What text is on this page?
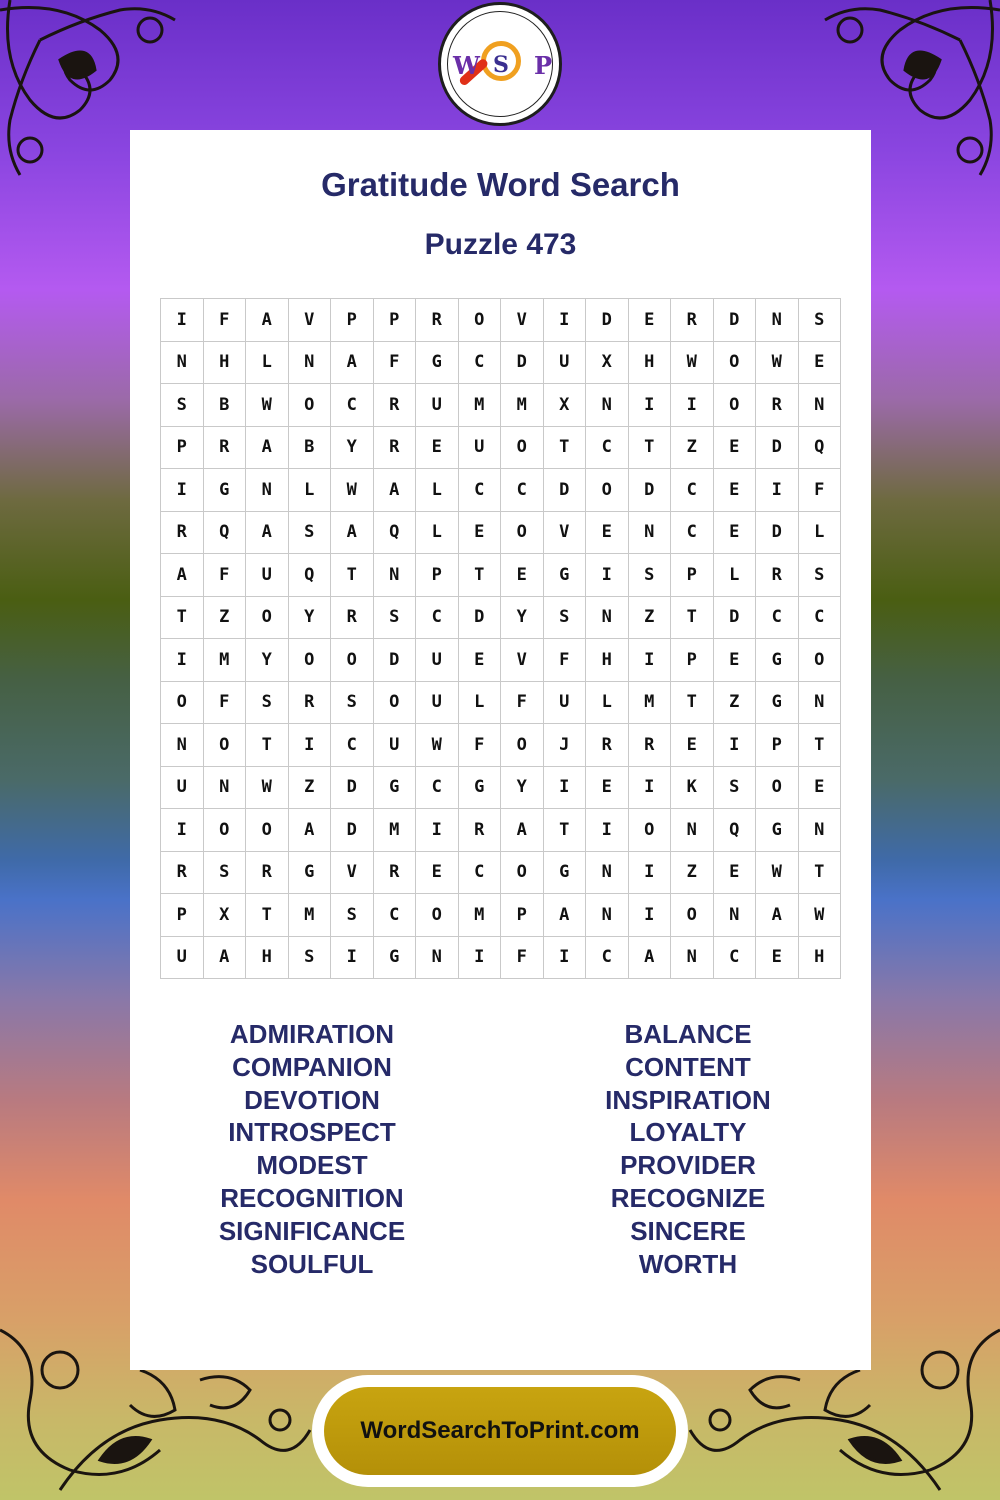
W S P
Gratitude Word Search
Puzzle 473
I	F	A	V	P	P	R	O	V	I	D	E	R	D	N	S
N	H	L	N	A	F	G	C	D	U	X	H	W	O	W	E
S	B	W	O	C	R	U	M	M	X	N	I	I	O	R	N
P	R	A	B	Y	R	E	U	O	T	C	T	Z	E	D	Q
I	G	N	L	W	A	L	C	C	D	O	D	C	E	I	F
R	Q	A	S	A	Q	L	E	O	V	E	N	C	E	D	L
A	F	U	Q	T	N	P	T	E	G	I	S	P	L	R	S
T	Z	O	Y	R	S	C	D	Y	S	N	Z	T	D	C	C
I	M	Y	O	O	D	U	E	V	F	H	I	P	E	G	O
O	F	S	R	S	O	U	L	F	U	L	M	T	Z	G	N
N	O	T	I	C	U	W	F	O	J	R	R	E	I	P	T
U	N	W	Z	D	G	C	G	Y	I	E	I	K	S	O	E
I	O	O	A	D	M	I	R	A	T	I	O	N	Q	G	N
R	S	R	G	V	R	E	C	O	G	N	I	Z	E	W	T
P	X	T	M	S	C	O	M	P	A	N	I	O	N	A	W
U	A	H	S	I	G	N	I	F	I	C	A	N	C	E	H
ADMIRATION
COMPANION
DEVOTION
INTROSPECT
MODEST
RECOGNITION
SIGNIFICANCE
SOULFUL
BALANCE
CONTENT
INSPIRATION
LOYALTY
PROVIDER
RECOGNIZE
SINCERE
WORTH
WordSearchToPrint.com
